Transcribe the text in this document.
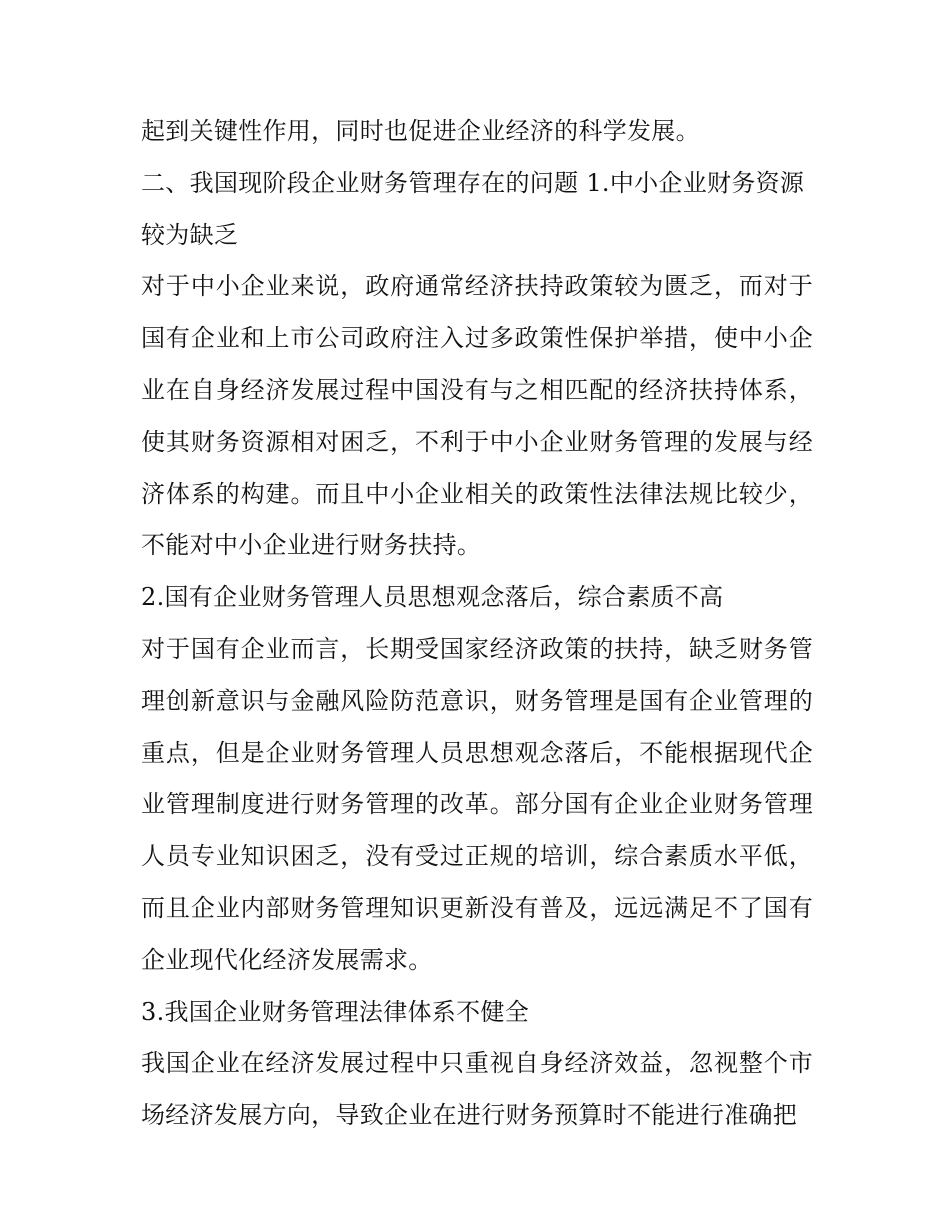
起到关键性作用，同时也促进企业经济的科学发展。

二、我国现阶段企业财务管理存在的问题 1.中小企业财务资源较为缺乏

对于中小企业来说，政府通常经济扶持政策较为匮乏，而对于国有企业和上市公司政府注入过多政策性保护举措，使中小企业在自身经济发展过程中国没有与之相匹配的经济扶持体系，使其财务资源相对困乏，不利于中小企业财务管理的发展与经济体系的构建。而且中小企业相关的政策性法律法规比较少，不能对中小企业进行财务扶持。

2.国有企业财务管理人员思想观念落后，综合素质不高

对于国有企业而言，长期受国家经济政策的扶持，缺乏财务管理创新意识与金融风险防范意识，财务管理是国有企业管理的重点，但是企业财务管理人员思想观念落后，不能根据现代企业管理制度进行财务管理的改革。部分国有企业企业财务管理人员专业知识困乏，没有受过正规的培训，综合素质水平低，而且企业内部财务管理知识更新没有普及，远远满足不了国有企业现代化经济发展需求。

3.我国企业财务管理法律体系不健全

我国企业在经济发展过程中只重视自身经济效益，忽视整个市场经济发展方向，导致企业在进行财务预算时不能进行准确把
